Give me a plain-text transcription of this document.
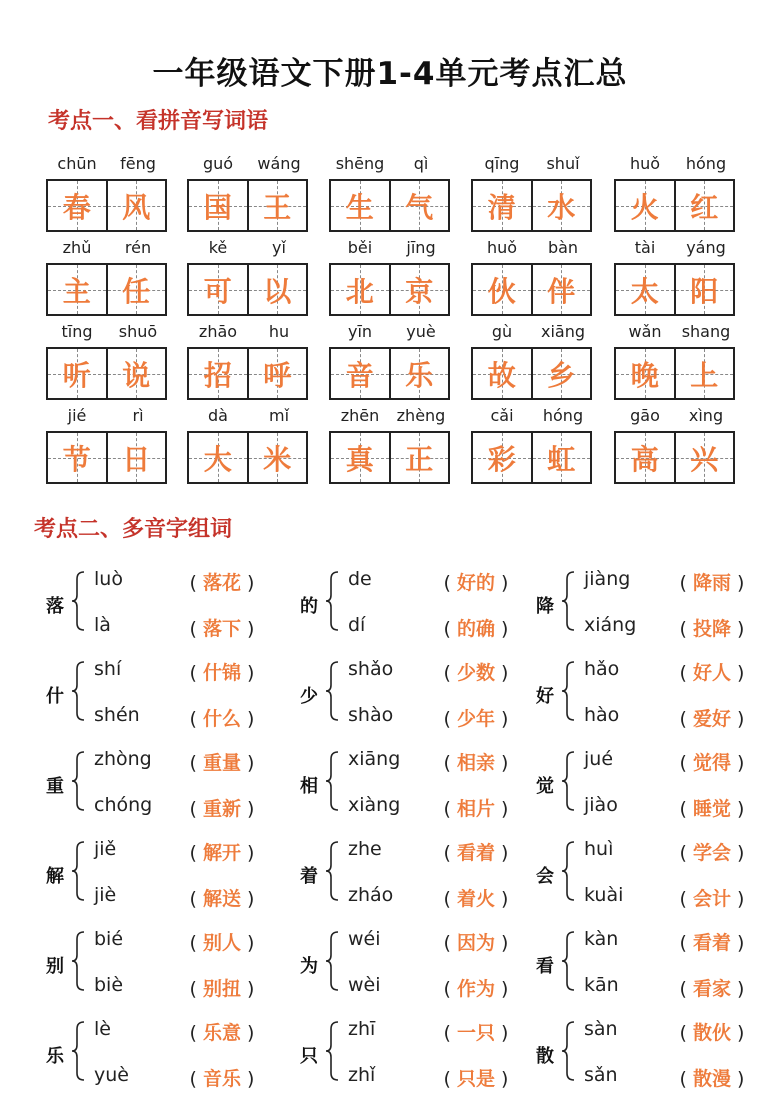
一年级语文下册1-4单元考点汇总
考点一、看拼音写词语
chūn	fēng
春 风
guó	wáng
国 王
shēng	qì
生 气
qīng	shuǐ
清 水
huǒ	hóng
火 红
zhǔ	rén
主 任
kě	yǐ
可 以
běi	jīng
北 京
huǒ	bàn
伙 伴
tài	yáng
太 阳
tīng	shuō
听 说
zhāo	hu
招 呼
yīn	yuè
音 乐
gù	xiāng
故 乡
wǎn	shang
晚 上
jié	rì
节 日
dà	mǐ
大 米
zhēn	zhèng
真 正
cǎi	hóng
彩 虹
gāo	xìng
高 兴
考点二、多音字组词
落
luò	( 落花 )
là	( 落下 )
的
de	( 好的 )
dí	( 的确 )
降
jiàng	( 降雨 )
xiáng ( 投降 )
什
shí	( 什锦 )
shén	( 什么 )
少
shǎo	( 少数 )
shào	( 少年 )
好
hǎo	( 好人 )
hào	( 爱好 )
重
zhòng ( 重量 )
chóng ( 重新 )
相
xiāng ( 相亲 )
xiàng ( 相片 )
觉
jué	( 觉得 )
jiào	( 睡觉 )
解
jiě	( 解开 )
jiè	( 解送 )
着
zhe	( 看着 )
zháo	( 着火 )
会
huì	( 学会 )
kuài	( 会计 )
别
bié	( 别人 )
biè	( 别扭 )
为
wéi	( 因为 )
wèi	( 作为 )
看
kàn	( 看着 )
kān	( 看家 )
乐
lè	( 乐意 )
yuè	( 音乐 )
只
zhī	( 一只 )
zhǐ	( 只是 )
散
sàn	( 散伙 )
sǎn	( 散漫 )
